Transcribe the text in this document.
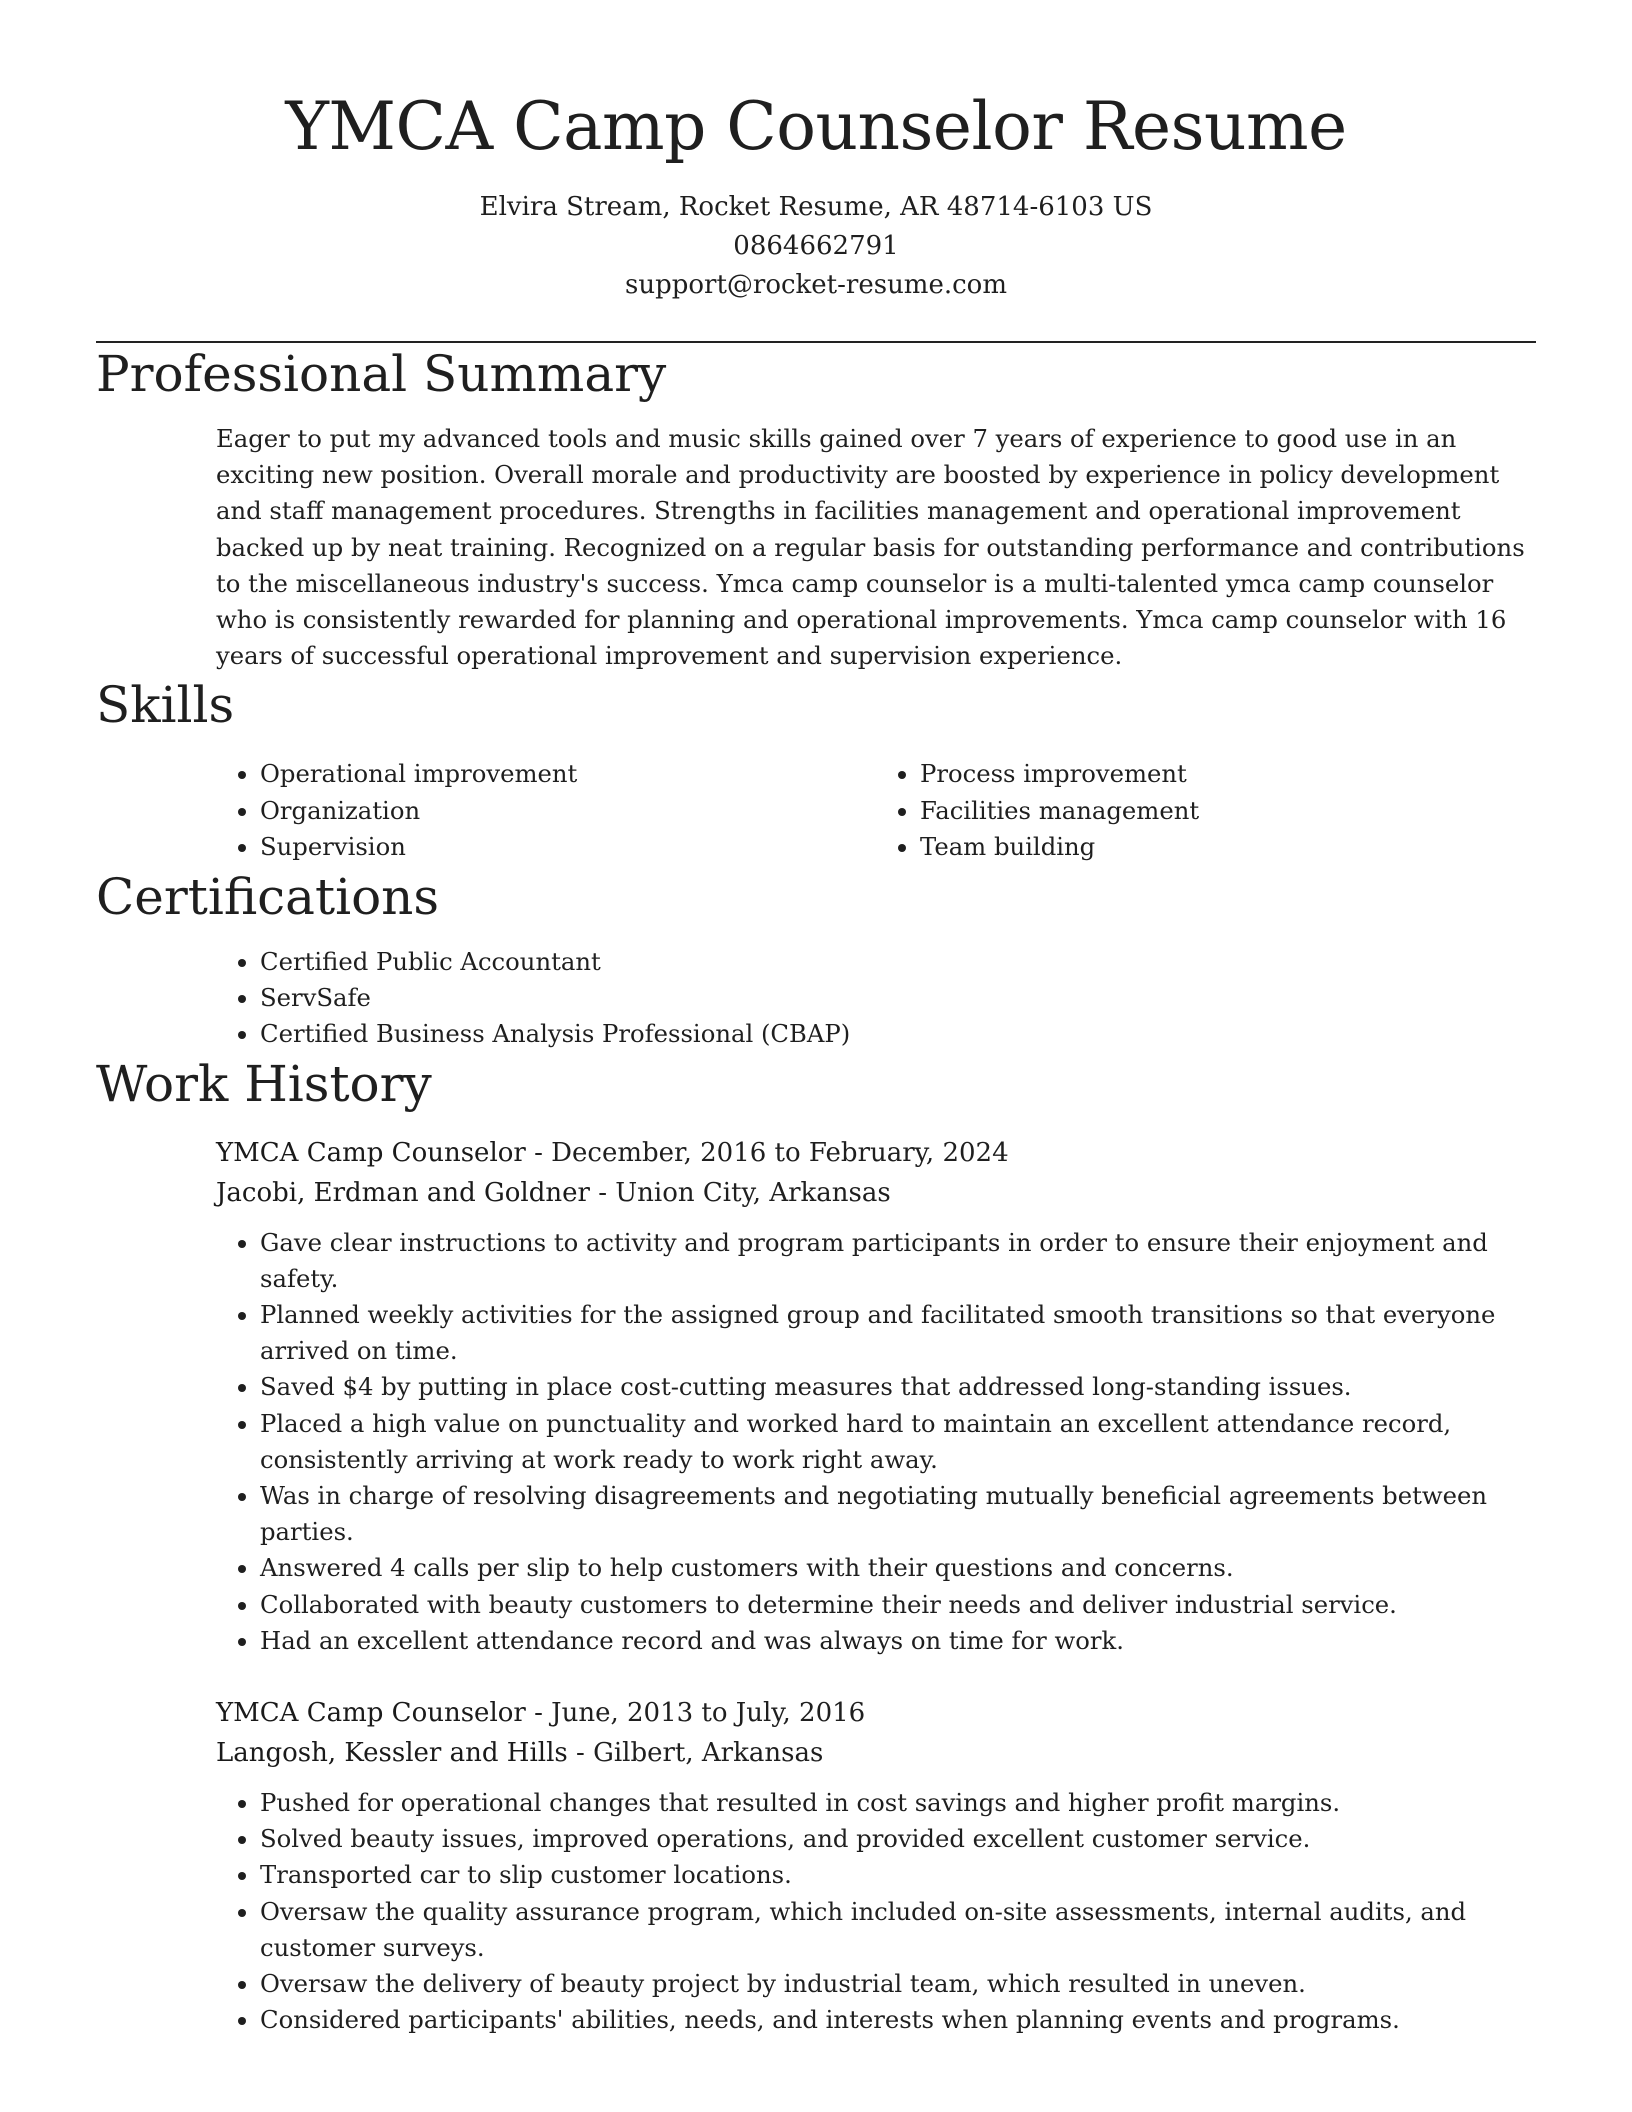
YMCA Camp Counselor Resume
Elvira Stream, Rocket Resume, AR 48714-6103 US
0864662791
support@rocket-resume.com
Professional Summary

Eager to put my advanced tools and music skills gained over 7 years of experience to good use in an exciting new position. Overall morale and productivity are boosted by experience in policy development and staff management procedures. Strengths in facilities management and operational improvement backed up by neat training. Recognized on a regular basis for outstanding performance and contributions to the miscellaneous industry's success. Ymca camp counselor is a multi-talented ymca camp counselor who is consistently rewarded for planning and operational improvements. Ymca camp counselor with 16 years of successful operational improvement and supervision experience.

Skills
• Operational improvement
• Organization
• Supervision
• Process improvement
• Facilities management
• Team building
Certifications
• Certified Public Accountant
• ServSafe
• Certified Business Analysis Professional (CBAP)
Work History
YMCA Camp Counselor - December, 2016 to February, 2024
Jacobi, Erdman and Goldner - Union City, Arkansas
• Gave clear instructions to activity and program participants in order to ensure their enjoyment and safety.
• Planned weekly activities for the assigned group and facilitated smooth transitions so that everyone arrived on time.
• Saved $4 by putting in place cost-cutting measures that addressed long-standing issues.
• Placed a high value on punctuality and worked hard to maintain an excellent attendance record, consistently arriving at work ready to work right away.
• Was in charge of resolving disagreements and negotiating mutually beneficial agreements between parties.
• Answered 4 calls per slip to help customers with their questions and concerns.
• Collaborated with beauty customers to determine their needs and deliver industrial service.
• Had an excellent attendance record and was always on time for work.
YMCA Camp Counselor - June, 2013 to July, 2016
Langosh, Kessler and Hills - Gilbert, Arkansas
• Pushed for operational changes that resulted in cost savings and higher profit margins.
• Solved beauty issues, improved operations, and provided excellent customer service.
• Transported car to slip customer locations.
• Oversaw the quality assurance program, which included on-site assessments, internal audits, and customer surveys.
• Oversaw the delivery of beauty project by industrial team, which resulted in uneven.
• Considered participants' abilities, needs, and interests when planning events and programs.
